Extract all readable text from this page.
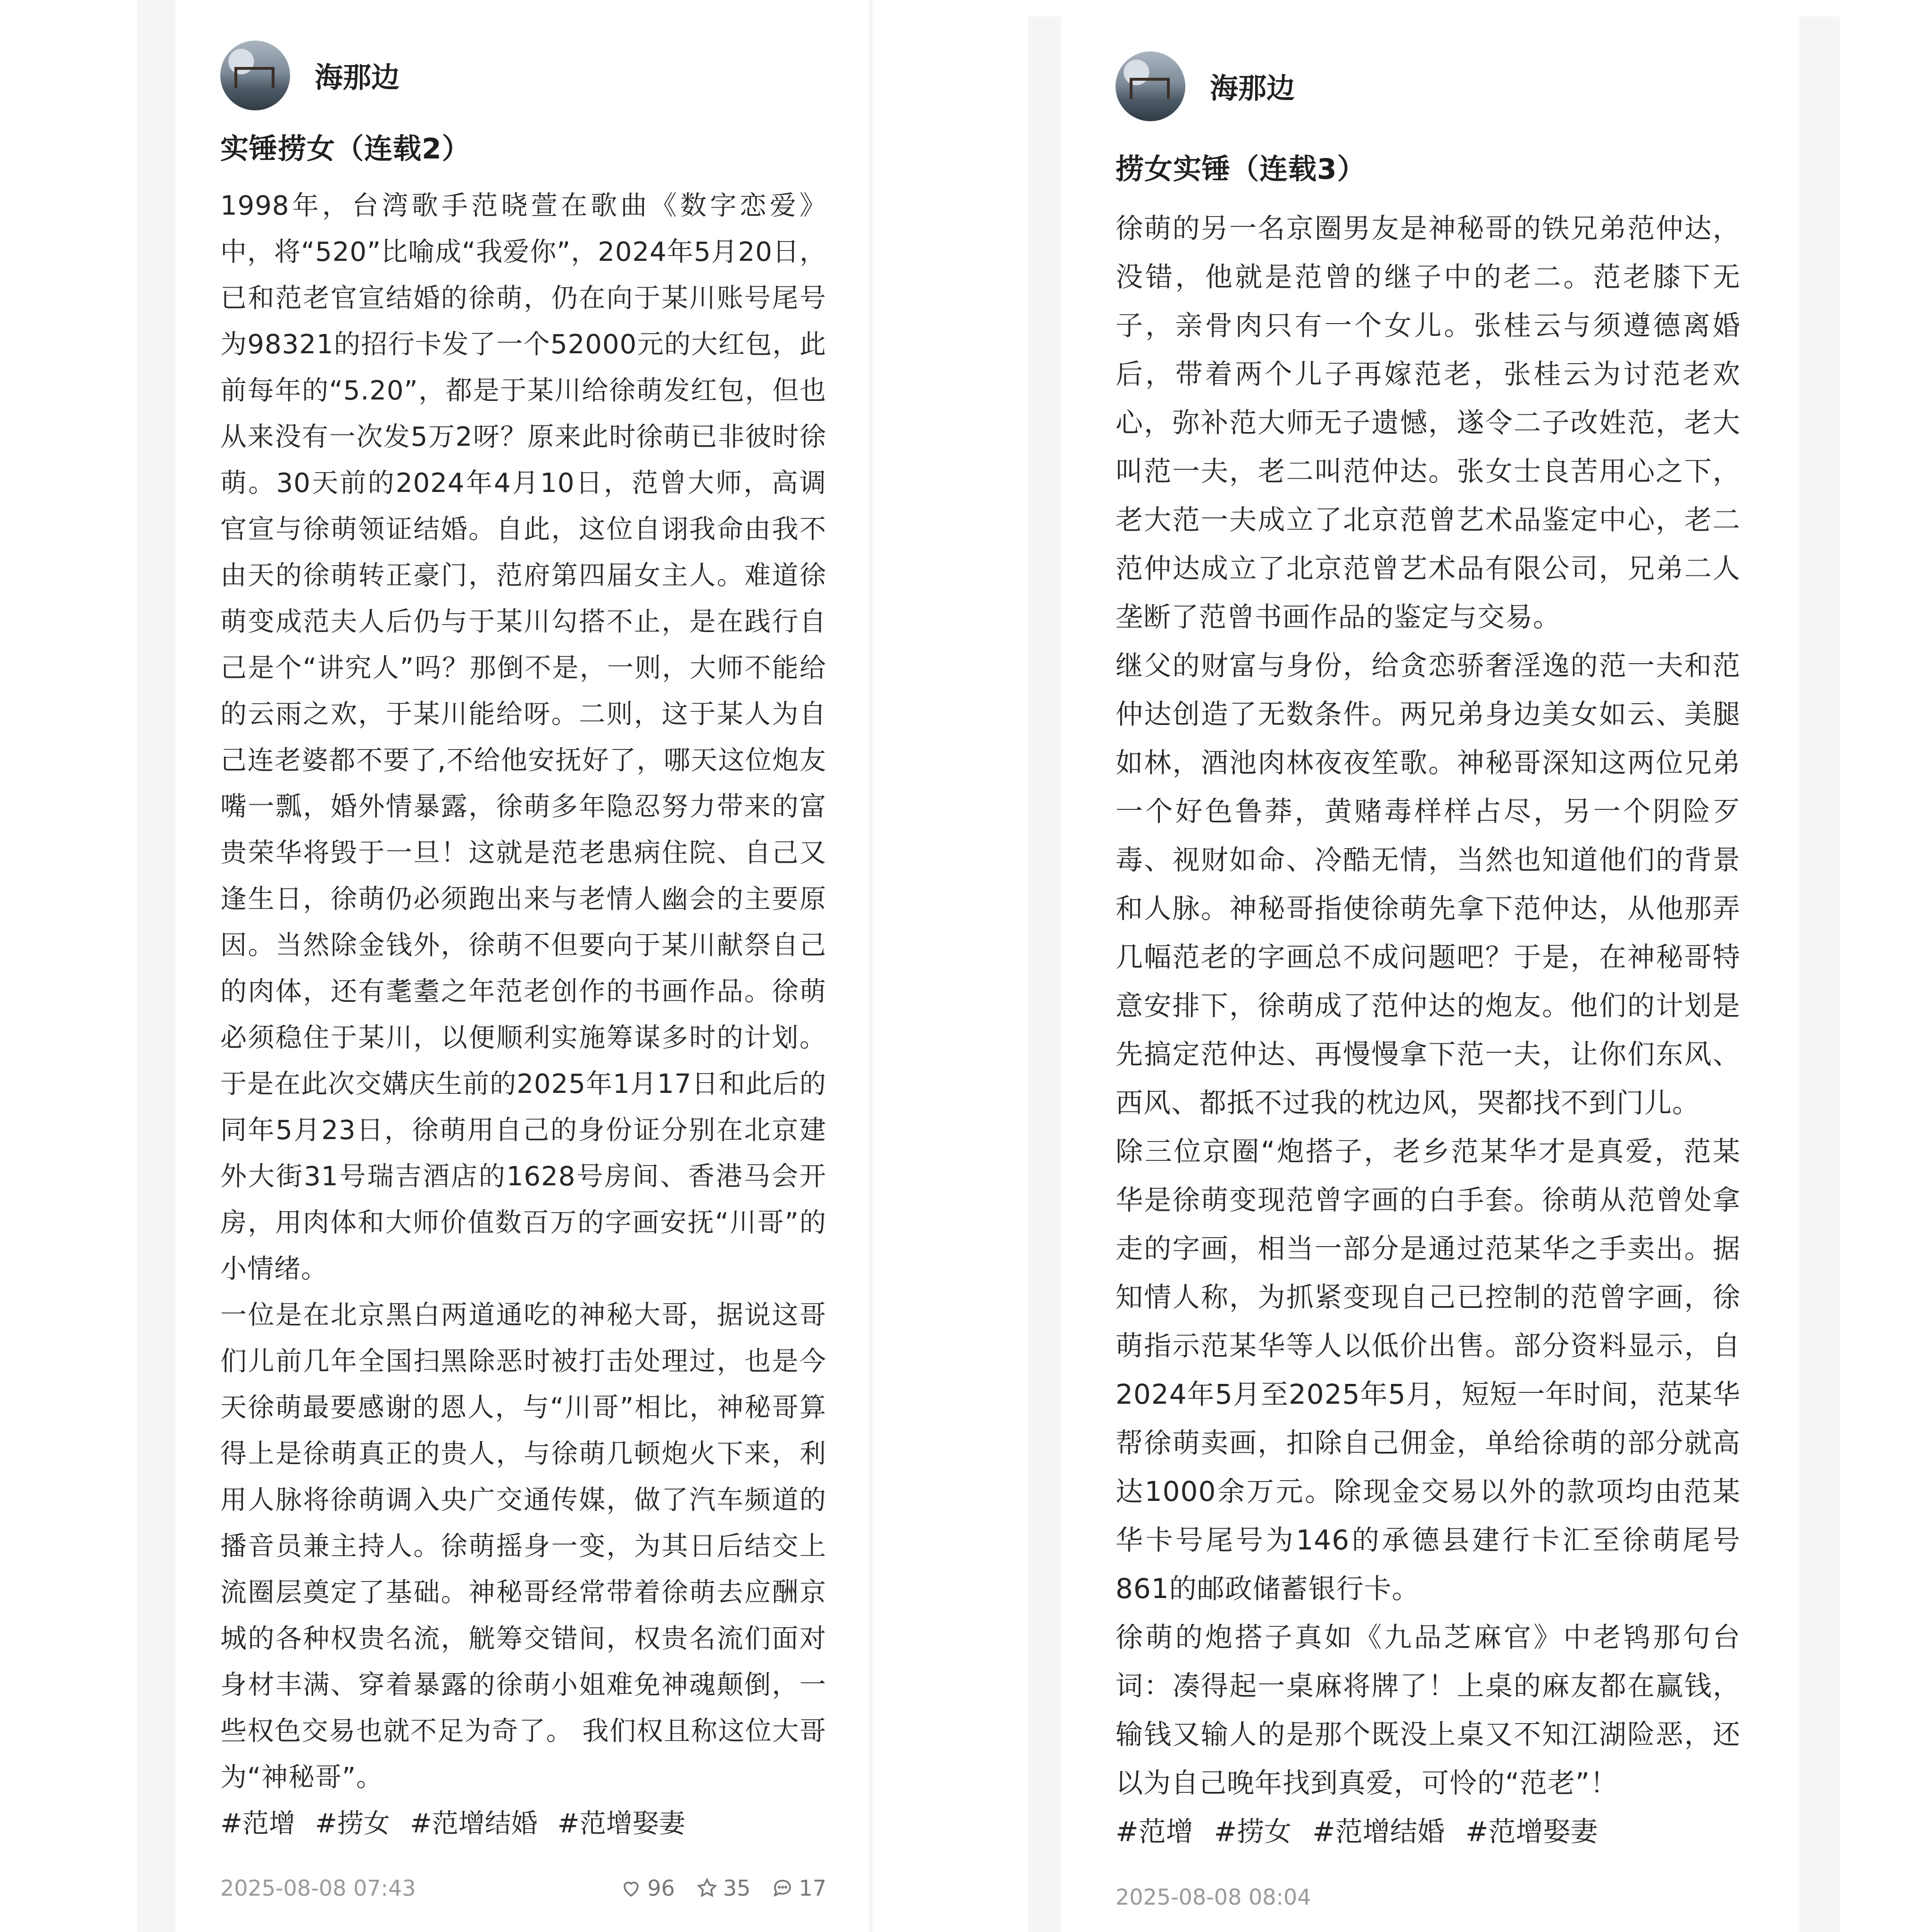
海那边
实锤捞女（连载2）

1998年，台湾歌手范晓萱在歌曲《数字恋爱》中，将“520”比喻成“我爱你”，2024年5月20日，已和范老官宣结婚的徐萌，仍在向于某川账号尾号为98321的招行卡发了一个52000元的大红包，此前每年的“5.20”，都是于某川给徐萌发红包，但也从来没有一次发5万2呀？原来此时徐萌已非彼时徐萌。30天前的2024年4月10日，范曾大师，高调官宣与徐萌领证结婚。自此，这位自诩我命由我不由天的徐萌转正豪门，范府第四届女主人。难道徐萌变成范夫人后仍与于某川勾搭不止，是在践行自己是个“讲究人”吗？那倒不是，一则，大师不能给的云雨之欢，于某川能给呀。二则，这于某人为自己连老婆都不要了,不给他安抚好了，哪天这位炮友嘴一瓢，婚外情暴露，徐萌多年隐忍努力带来的富贵荣华将毁于一旦！这就是范老患病住院、自己又逢生日，徐萌仍必须跑出来与老情人幽会的主要原因。当然除金钱外，徐萌不但要向于某川献祭自己的肉体，还有耄耋之年范老创作的书画作品。徐萌必须稳住于某川，以便顺利实施筹谋多时的计划。于是在此次交媾庆生前的2025年1月17日和此后的同年5月23日，徐萌用自己的身份证分别在北京建外大街31号瑞吉酒店的1628号房间、香港马会开房，用肉体和大师价值数百万的字画安抚“川哥”的小情绪。

一位是在北京黑白两道通吃的神秘大哥，据说这哥们儿前几年全国扫黑除恶时被打击处理过，也是今天徐萌最要感谢的恩人，与“川哥”相比，神秘哥算得上是徐萌真正的贵人，与徐萌几顿炮火下来，利用人脉将徐萌调入央广交通传媒，做了汽车频道的播音员兼主持人。徐萌摇身一变，为其日后结交上流圈层奠定了基础。神秘哥经常带着徐萌去应酬京城的各种权贵名流，觥筹交错间，权贵名流们面对身材丰满、穿着暴露的徐萌小姐难免神魂颠倒，一些权色交易也就不足为奇了。 我们权且称这位大哥为“神秘哥”。

#范增 #捞女 #范增结婚 #范增娶妻
2025-08-08 07:43	96 35 17
海那边
捞女实锤（连载3）

徐萌的另一名京圈男友是神秘哥的铁兄弟范仲达，没错，他就是范曾的继子中的老二。范老膝下无子，亲骨肉只有一个女儿。张桂云与须遵德离婚后，带着两个儿子再嫁范老，张桂云为讨范老欢心，弥补范大师无子遗憾，遂令二子改姓范，老大叫范一夫，老二叫范仲达。张女士良苦用心之下，老大范一夫成立了北京范曾艺术品鉴定中心，老二范仲达成立了北京范曾艺术品有限公司，兄弟二人垄断了范曾书画作品的鉴定与交易。

继父的财富与身份，给贪恋骄奢淫逸的范一夫和范仲达创造了无数条件。两兄弟身边美女如云、美腿如林，酒池肉林夜夜笙歌。神秘哥深知这两位兄弟一个好色鲁莽，黄赌毒样样占尽，另一个阴险歹毒、视财如命、冷酷无情，当然也知道他们的背景和人脉。神秘哥指使徐萌先拿下范仲达，从他那弄几幅范老的字画总不成问题吧？于是，在神秘哥特意安排下，徐萌成了范仲达的炮友。他们的计划是先搞定范仲达、再慢慢拿下范一夫，让你们东风、西风、都抵不过我的枕边风，哭都找不到门儿。

除三位京圈“炮搭子，老乡范某华才是真爱，范某华是徐萌变现范曾字画的白手套。徐萌从范曾处拿走的字画，相当一部分是通过范某华之手卖出。据知情人称，为抓紧变现自己已控制的范曾字画，徐萌指示范某华等人以低价出售。部分资料显示，自2024年5月至2025年5月，短短一年时间，范某华帮徐萌卖画，扣除自己佣金，单给徐萌的部分就高达1000余万元。除现金交易以外的款项均由范某华卡号尾号为146的承德县建行卡汇至徐萌尾号861的邮政储蓄银行卡。

徐萌的炮搭子真如《九品芝麻官》中老鸨那句台词：凑得起一桌麻将牌了！上桌的麻友都在赢钱，输钱又输人的是那个既没上桌又不知江湖险恶，还以为自己晚年找到真爱，可怜的“范老”！

#范增 #捞女 #范增结婚 #范增娶妻
2025-08-08 08:04
